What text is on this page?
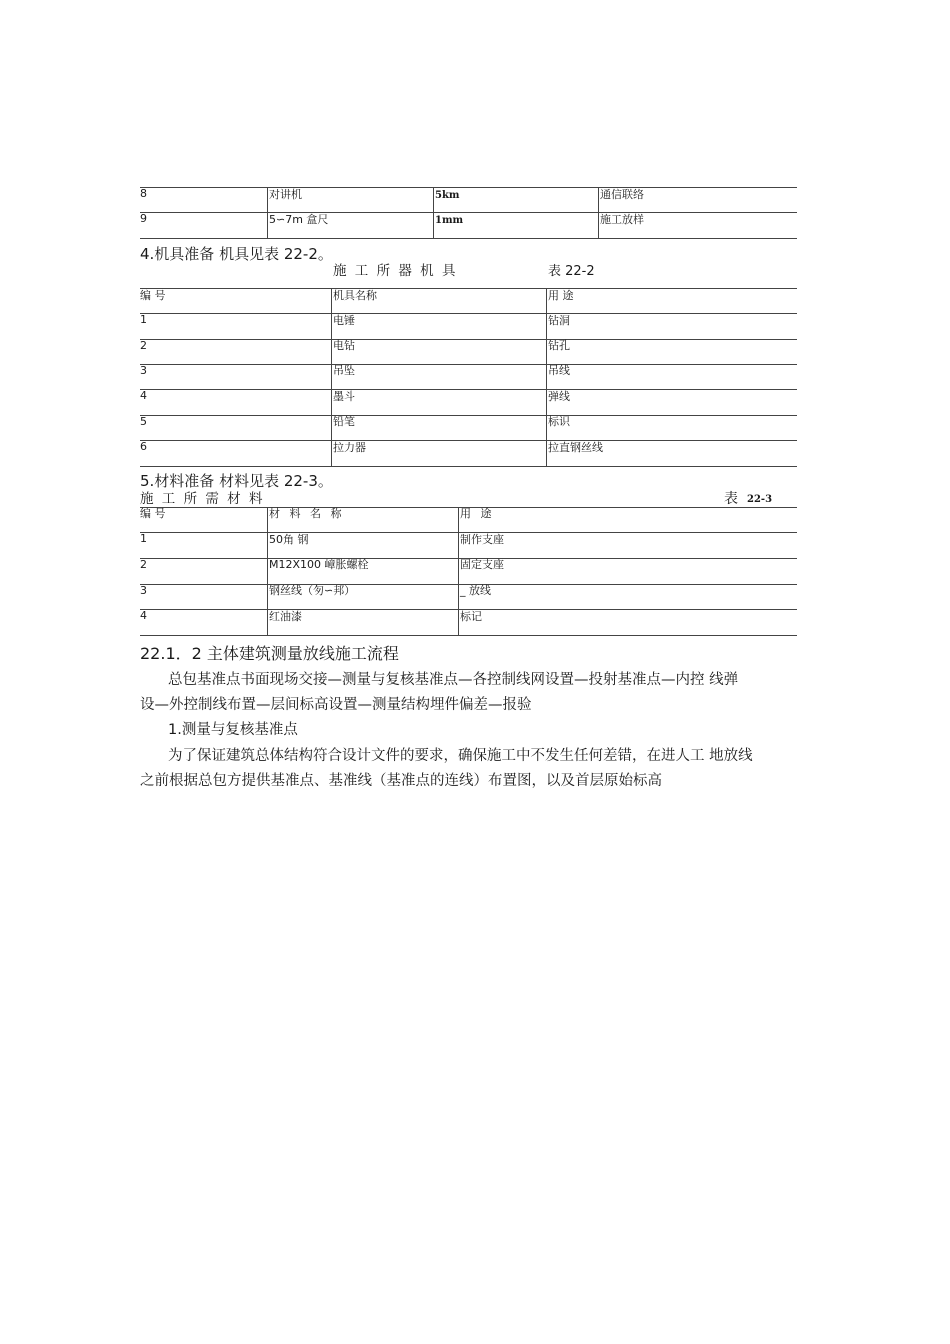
8	对讲机	5km	通信联络
9	5∽7m 盒尺	1mm	施工放样
4.机具准备 机具见表 22-2。
施 工 所 器 机 具	表 22-2
编 号	机具名称	用 途
1	电锤	钻洞
2	电钻	钻孔
3	吊坠	吊线
4	墨斗	弹线
5	铅笔	标识
6	拉力器	拉直钢丝线
5.材料准备 材料见表 22-3。
施 工 所 需 材 料	表 22-3
编 号	材 料 名 称	用 途
1	50角 钢	制作支座
2	M12X100 嶂胀螺栓	固定支座
3	钢丝线（匇∽邦）	_ 放线
4	红油漆	标记
22.1．2 主体建筑测量放线施工流程
总包基准点书面现场交接—测量与复核基准点—各控制线网设置—投射基准点—内控 线弹
设—外控制线布置—层间标高设置—测量结构埋件偏差—报验
1.测量与复核基准点
为了保证建筑总体结构符合设计文件的要求，确保施工中不发生任何差错，在进人工 地放线
之前根据总包方提供基准点、基准线（基准点的连线）布置图，以及首层原始标高
